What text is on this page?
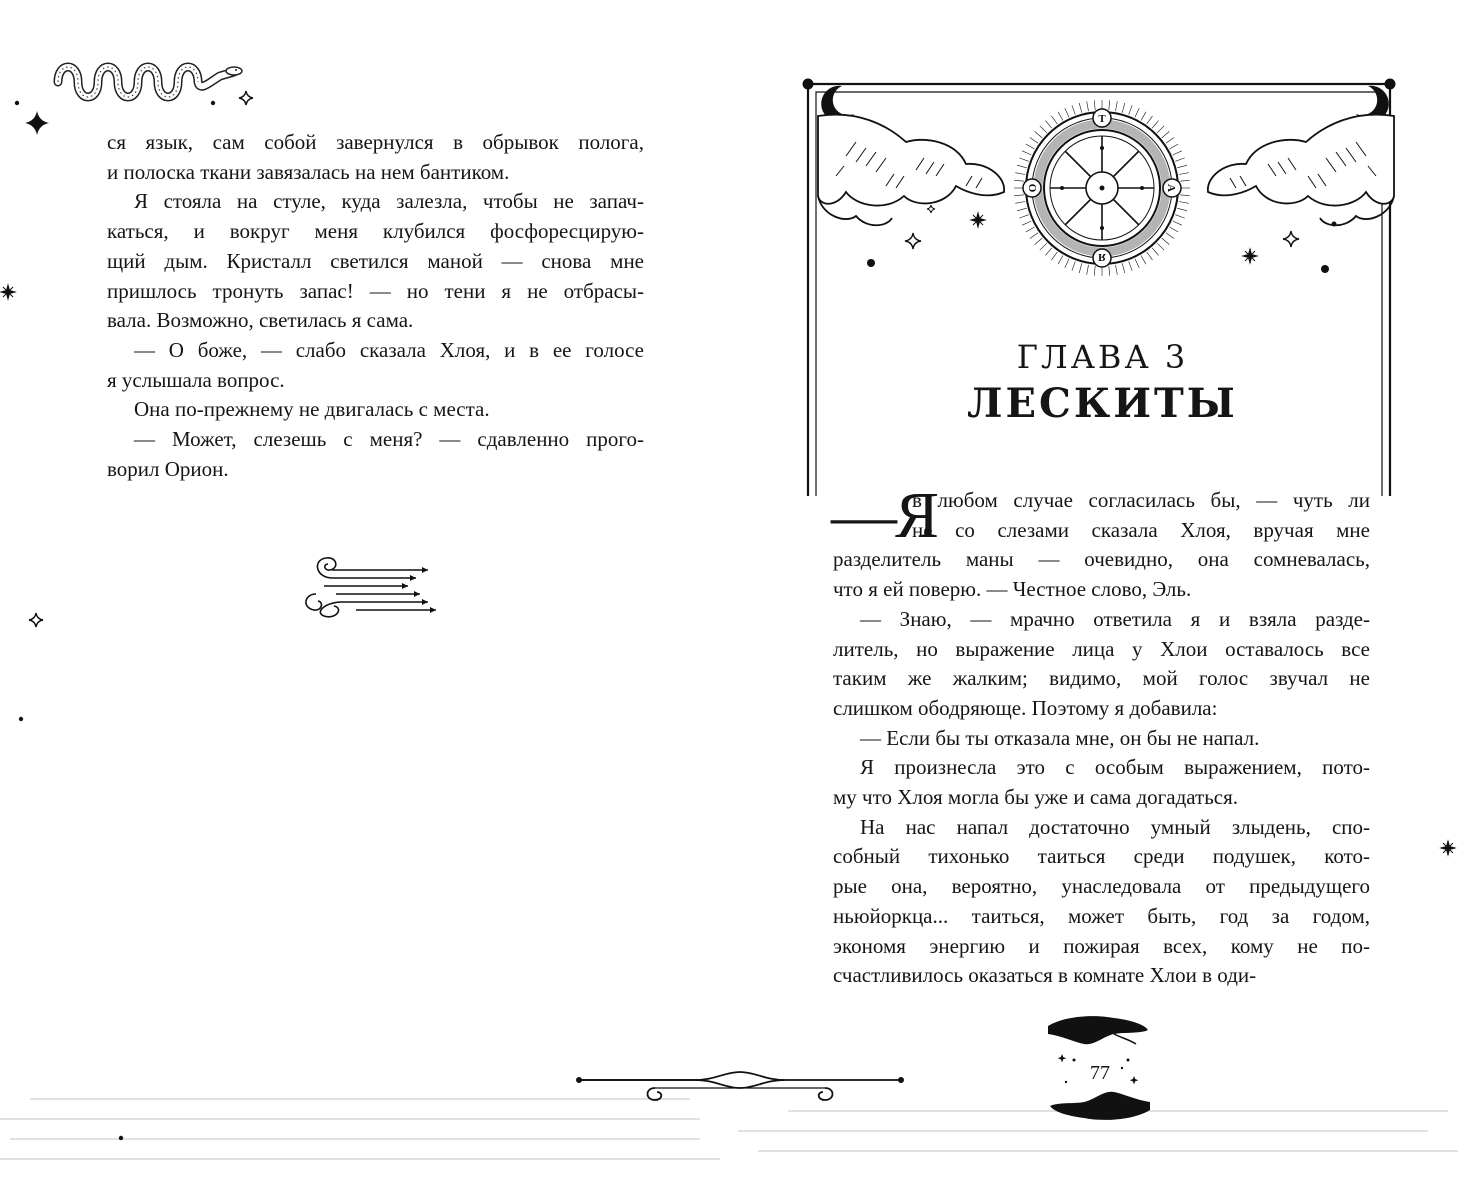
ся язык, сам собой завернулся в обрывок полога,
и полоска ткани завязалась на нем бантиком.

Я стояла на стуле, куда залезла, чтобы не запач-
каться, и вокруг меня клубился фосфоресцирую-
щий дым. Кристалл светился маной — снова мне
пришлось тронуть запас! — но тени я не отбрасы-
вала. Возможно, светилась я сама.

— О боже, — слабо сказала Хлоя, и в ее голосе
я услышала вопрос.

Она по-прежнему не двигалась с места.

— Может, слезешь с меня? — сдавленно прого-
ворил Орион.

Т
А
Я
О
ГЛАВА 3
ЛЕСКИТЫ
—Я
в любом случае согласилась бы, — чуть ли
не со слезами сказала Хлоя, вручая мне
разделитель маны — очевидно, она сомневалась,
что я ей поверю. — Честное слово, Эль.

— Знаю, — мрачно ответила я и взяла разде-
литель, но выражение лица у Хлои оставалось все
таким же жалким; видимо, мой голос звучал не
слишком ободряюще. Поэтому я добавила:

— Если бы ты отказала мне, он бы не напал.

Я произнесла это с особым выражением, пото-
му что Хлоя могла бы уже и сама догадаться.

На нас напал достаточно умный злыдень, спо-
собный тихонько таиться среди подушек, кото-
рые она, вероятно, унаследовала от предыдущего
ньюйоркца... таиться, может быть, год за годом,
экономя энергию и пожирая всех, кому не по-
счастливилось оказаться в комнате Хлои в оди-

77
